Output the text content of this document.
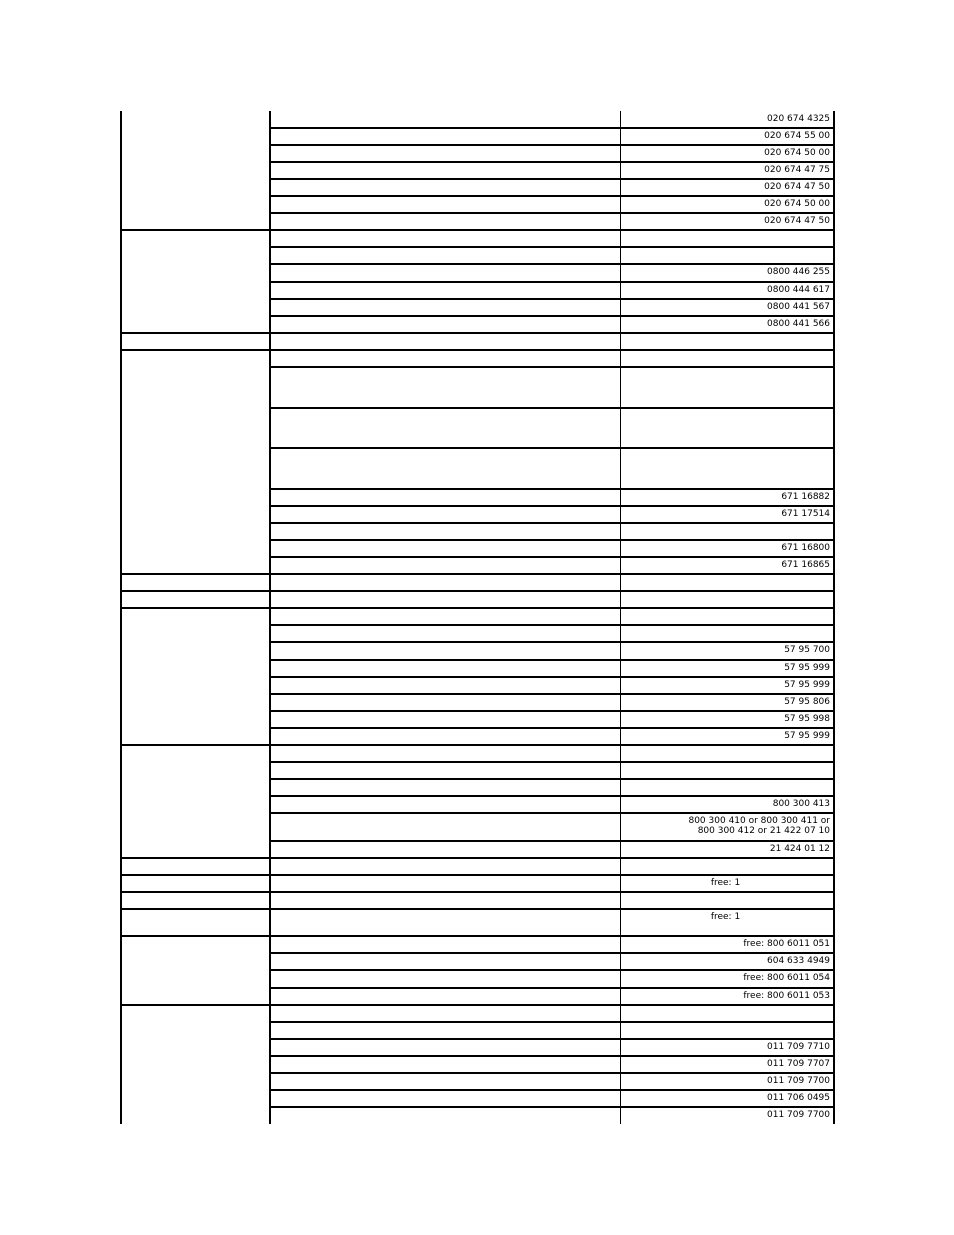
020 674 4325
020 674 55 00
020 674 50 00
020 674 47 75
020 674 47 50
020 674 50 00
020 674 47 50
0800 446 255
0800 444 617
0800 441 567
0800 441 566
671 16882
671 17514
671 16800
671 16865
57 95 700
57 95 999
57 95 999
57 95 806
57 95 998
57 95 999
800 300 413
800 300 410 or 800 300 411 or
800 300 412 or 21 422 07 10
21 424 01 12
free: 1
free: 1
free: 800 6011 051
604 633 4949
free: 800 6011 054
free: 800 6011 053
011 709 7710
011 709 7707
011 709 7700
011 706 0495
011 709 7700
